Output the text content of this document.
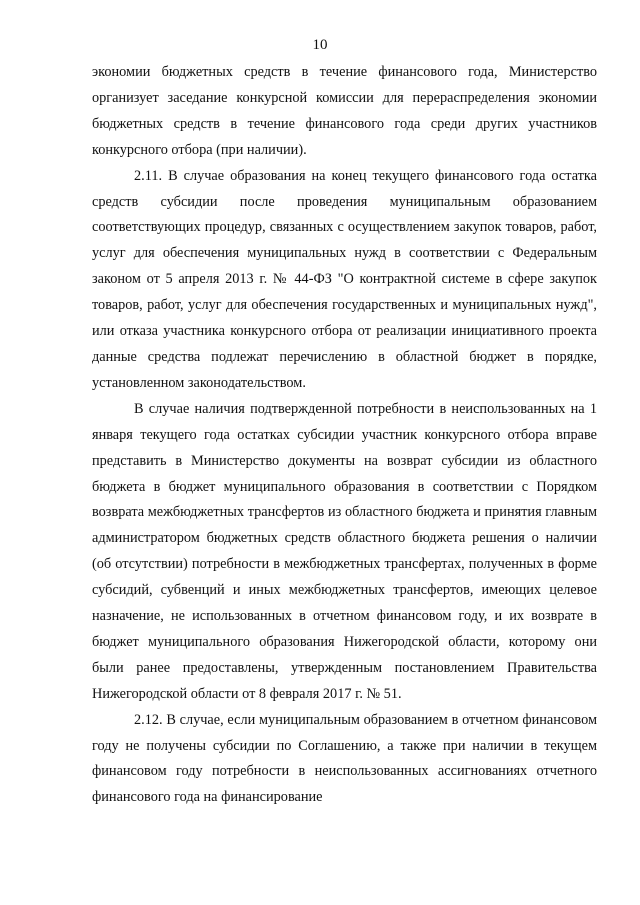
10

экономии бюджетных средств в течение финансового года, Министерство организует заседание конкурсной комиссии для перераспределения экономии бюджетных средств в течение финансового года среди других участников конкурсного отбора (при наличии).

2.11. В случае образования на конец текущего финансового года остатка средств субсидии после проведения муниципальным образованием соответствующих процедур, связанных с осуществлением закупок товаров, работ, услуг для обеспечения муниципальных нужд в соответствии с Федеральным законом от 5 апреля 2013 г. № 44-ФЗ "О контрактной системе в сфере закупок товаров, работ, услуг для обеспечения государственных и муниципальных нужд", или отказа участника конкурсного отбора от реализации инициативного проекта данные средства подлежат перечислению в областной бюджет в порядке, установленном законодательством.

В случае наличия подтвержденной потребности в неиспользованных на 1 января текущего года остатках субсидии участник конкурсного отбора вправе представить в Министерство документы на возврат субсидии из областного бюджета в бюджет муниципального образования в соответствии с Порядком возврата межбюджетных трансфертов из областного бюджета и принятия главным администратором бюджетных средств областного бюджета решения о наличии (об отсутствии) потребности в межбюджетных трансфертах, полученных в форме субсидий, субвенций и иных межбюджетных трансфертов, имеющих целевое назначение, не использованных в отчетном финансовом году, и их возврате в бюджет муниципального образования Нижегородской области, которому они были ранее предоставлены, утвержденным постановлением Правительства Нижегородской области от 8 февраля 2017 г. № 51.

2.12. В случае, если муниципальным образованием в отчетном финансовом году не получены субсидии по Соглашению, а также при наличии в текущем финансовом году потребности в неиспользованных ассигнованиях отчетного финансового года на финансирование
